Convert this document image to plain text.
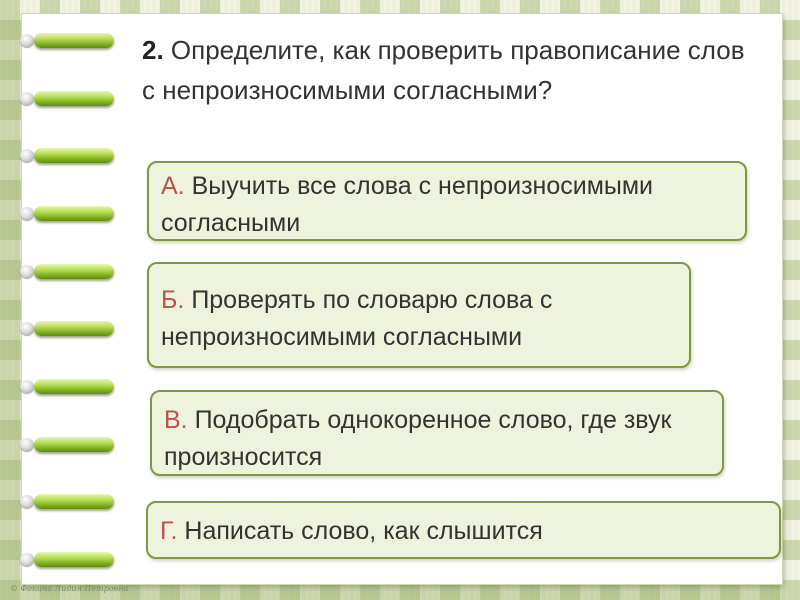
2. Определите, как проверить правописание слов с непроизносимыми согласными?

А. Выучить все слова с непроизносимыми согласными

Б. Проверять по словарю слова с непроизносимыми согласными

В. Подобрать однокоренное слово, где звук произносится

Г. Написать слово, как слышится

© Фокина Лидия Петровна
